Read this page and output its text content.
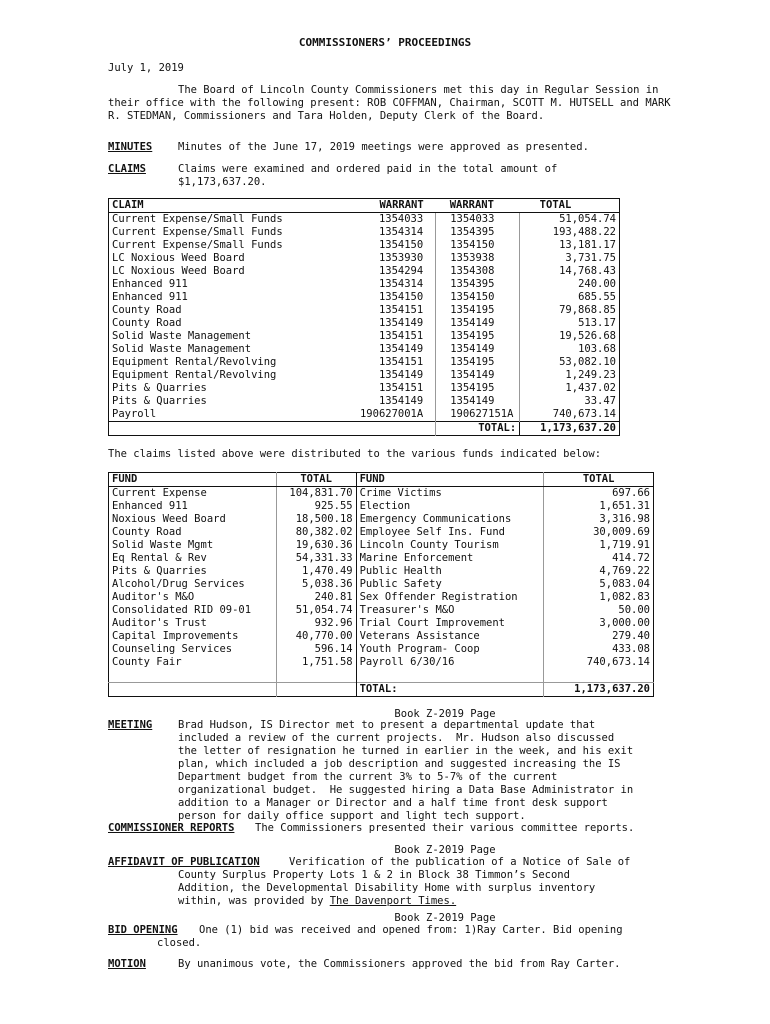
COMMISSIONERS’ PROCEEDINGS
July 1, 2019
The Board of Lincoln County Commissioners met this day in Regular Session in their office with the following present: ROB COFFMAN, Chairman, SCOTT M. HUTSELL and MARK R. STEDMAN, Commissioners and Tara Holden, Deputy Clerk of the Board.
MINUTES Minutes of the June 17, 2019 meetings were approved as presented.
CLAIMS	Claims were examined and ordered paid in the total amount of
$1,173,637.20.
CLAIM	WARRANT	WARRANT	TOTAL
Current Expense/Small Funds	1354033	1354033	51,054.74
Current Expense/Small Funds	1354314	1354395	193,488.22
Current Expense/Small Funds	1354150	1354150	13,181.17
LC Noxious Weed Board	1353930	1353938	3,731.75
LC Noxious Weed Board	1354294	1354308	14,768.43
Enhanced 911	1354314	1354395	240.00
Enhanced 911	1354150	1354150	685.55
County Road	1354151	1354195	79,868.85
County Road	1354149	1354149	513.17
Solid Waste Management	1354151	1354195	19,526.68
Solid Waste Management	1354149	1354149	103.68
Equipment Rental/Revolving	1354151	1354195	53,082.10
Equipment Rental/Revolving	1354149	1354149	1,249.23
Pits & Quarries	1354151	1354195	1,437.02
Pits & Quarries	1354149	1354149	33.47
Payroll	190627001A	190627151A	740,673.14
		TOTAL:	1,173,637.20
The claims listed above were distributed to the various funds indicated below:
FUND	TOTAL	FUND	TOTAL
Current Expense	104,831.70	Crime Victims	697.66
Enhanced 911	925.55	Election	1,651.31
Noxious Weed Board	18,500.18	Emergency Communications	3,316.98
County Road	80,382.02	Employee Self Ins. Fund	30,009.69
Solid Waste Mgmt	19,630.36	Lincoln County Tourism	1,719.91
Eq Rental & Rev	54,331.33	Marine Enforcement	414.72
Pits & Quarries	1,470.49	Public Health	4,769.22
Alcohol/Drug Services	5,038.36	Public Safety	5,083.04
Auditor's M&O	240.81	Sex Offender Registration	1,082.83
Consolidated RID 09-01	51,054.74	Treasurer's M&O	50.00
Auditor's Trust	932.96	Trial Court Improvement	3,000.00
Capital Improvements	40,770.00	Veterans Assistance	279.40
Counseling Services	596.14	Youth Program- Coop	433.08
County Fair	1,751.58	Payroll 6/30/16	740,673.14

		TOTAL:	1,173,637.20
Book Z-2019 Page
MEETING Brad Hudson, IS Director met to present a departmental update that
included a review of the current projects.  Mr. Hudson also discussed
the letter of resignation he turned in earlier in the week, and his exit
plan, which included a job description and suggested increasing the IS
Department budget from the current 3% to 5-7% of the current
organizational budget.  He suggested hiring a Data Base Administrator in
addition to a Manager or Director and a half time front desk support
person for daily office support and light tech support.
COMMISSIONER REPORTS The Commissioners presented their various committee reports.
Book Z-2019 Page
AFFIDAVIT OF PUBLICATION	Verification of the publication of a Notice of Sale of
County Surplus Property Lots 1 & 2 in Block 38 Timmon’s Second
Addition, the Developmental Disability Home with surplus inventory
within, was provided by The Davenport Times.
Book Z-2019 Page
BID OPENING One (1) bid was received and opened from: 1)Ray Carter. Bid opening
closed.
MOTION	By unanimous vote, the Commissioners approved the bid from Ray Carter.
